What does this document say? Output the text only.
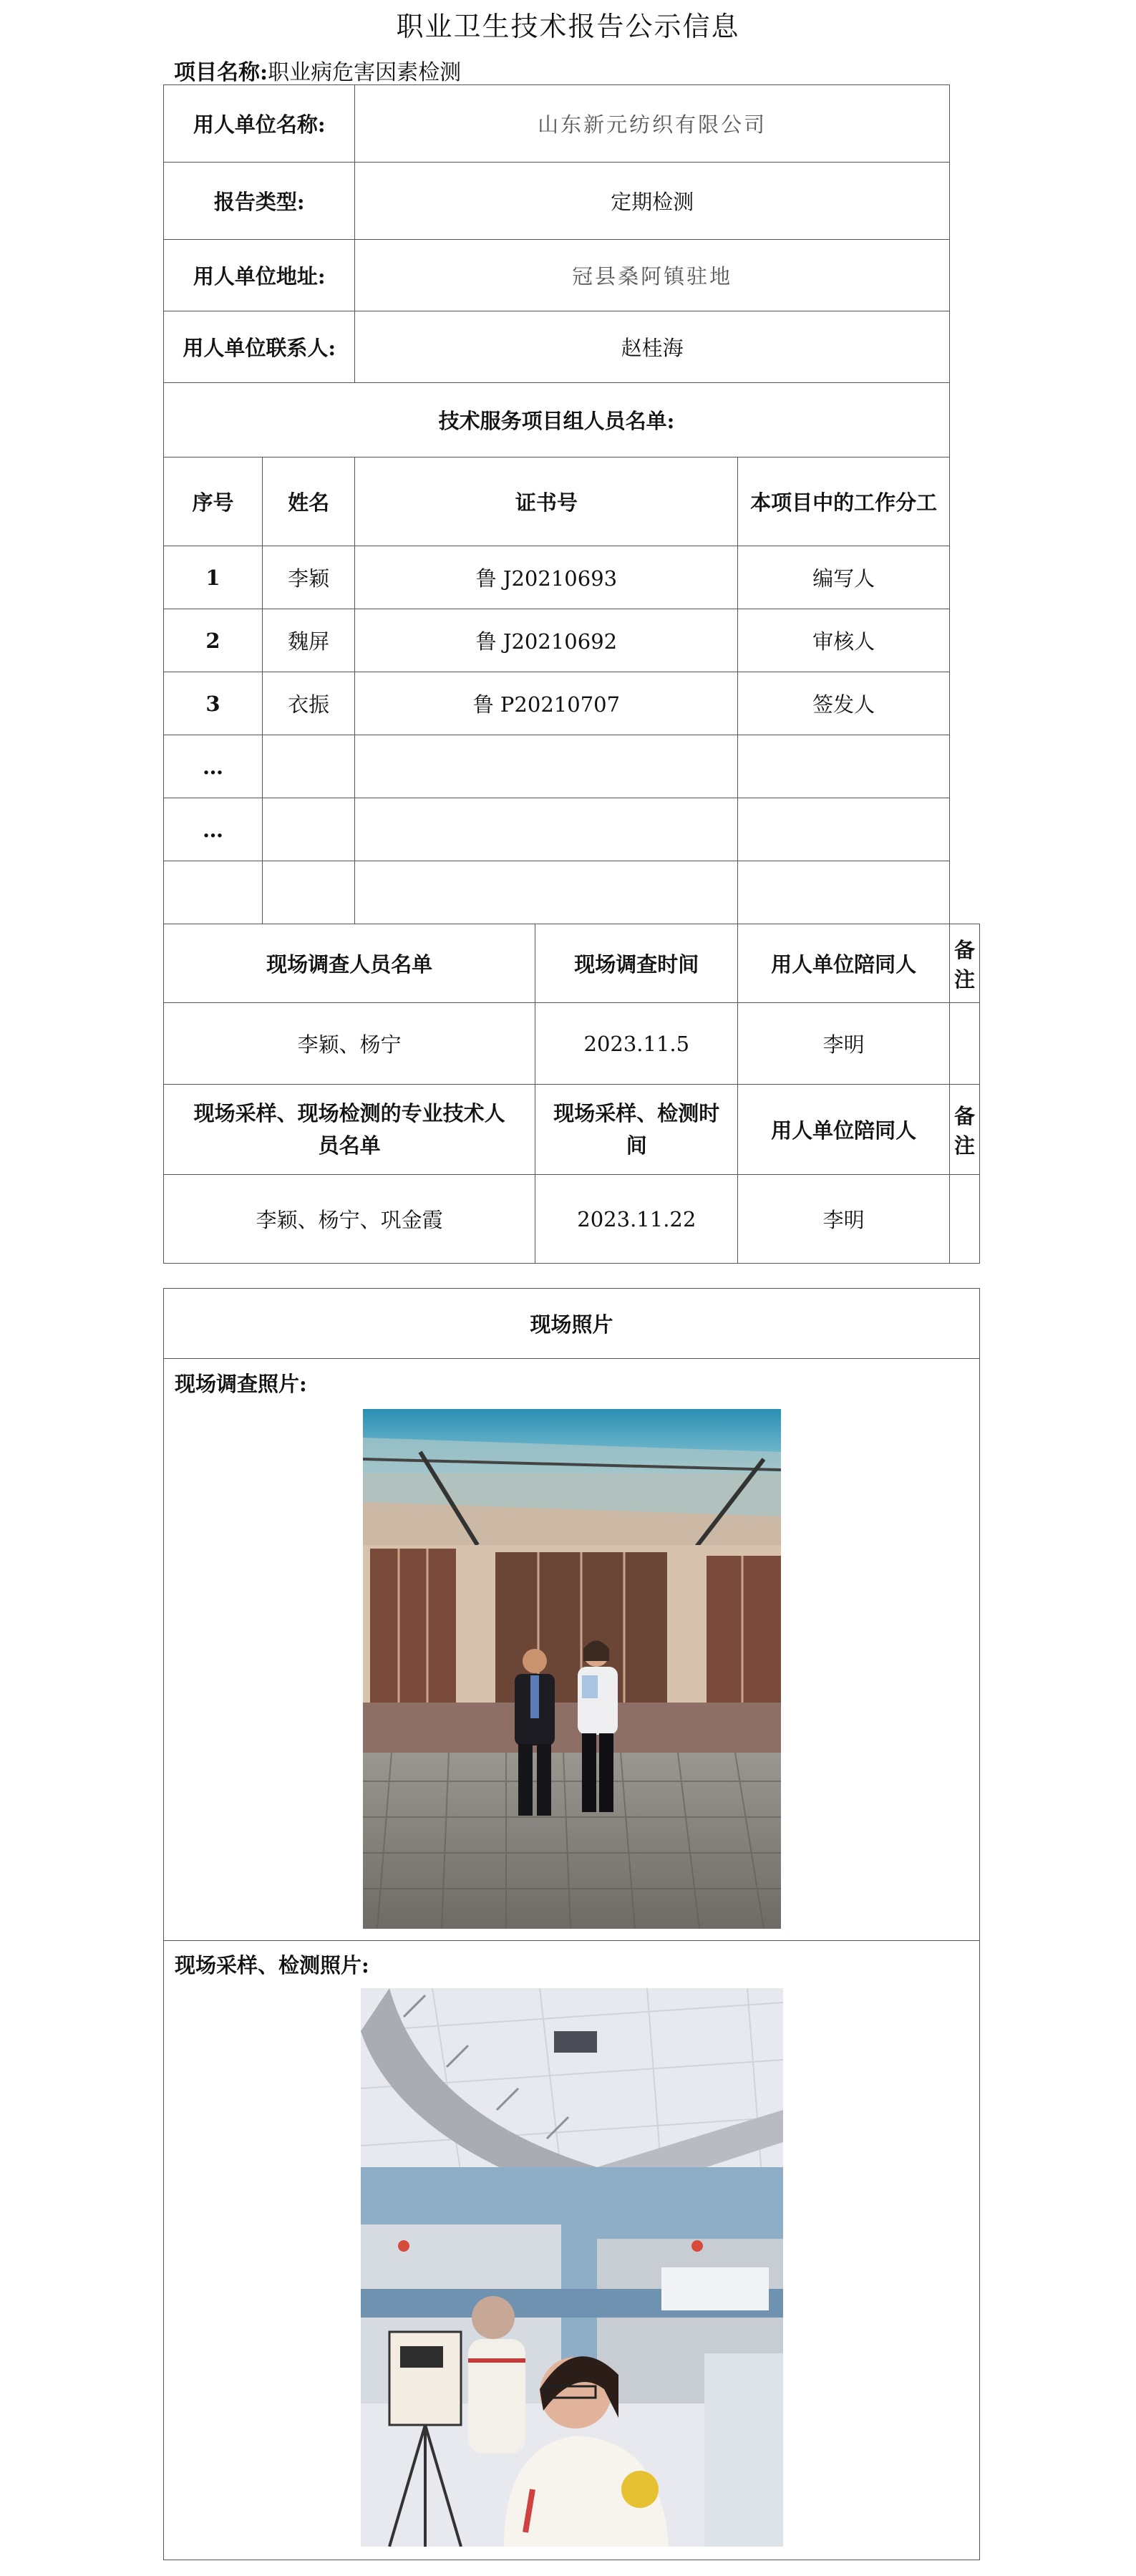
职业卫生技术报告公示信息
项目名称:职业病危害因素检测
用人单位名称:		山东新元纺织有限公司			
报告类型:		定期检测			
用人单位地址:		冠县桑阿镇驻地			
用人单位联系人:		赵桂海			
技术服务项目组人员名单:					
序号	姓名	证书号		本项目中的工作分工	
1	李颖	鲁 J20210693		编写人	
2	魏屏	鲁 J20210692		审核人	
3	衣振	鲁 P20210707		签发人	
…					
…					

现场调查人员名单			现场调查时间	用人单位陪同人	备注
李颖、杨宁			2023.11.5	李明	
现场采样、现场检测的专业技术人员名单			现场采样、检测时间	用人单位陪同人	备注
李颖、杨宁、巩金霞			2023.11.22	李明	
现场照片

现场调查照片:

现场采样、检测照片:
